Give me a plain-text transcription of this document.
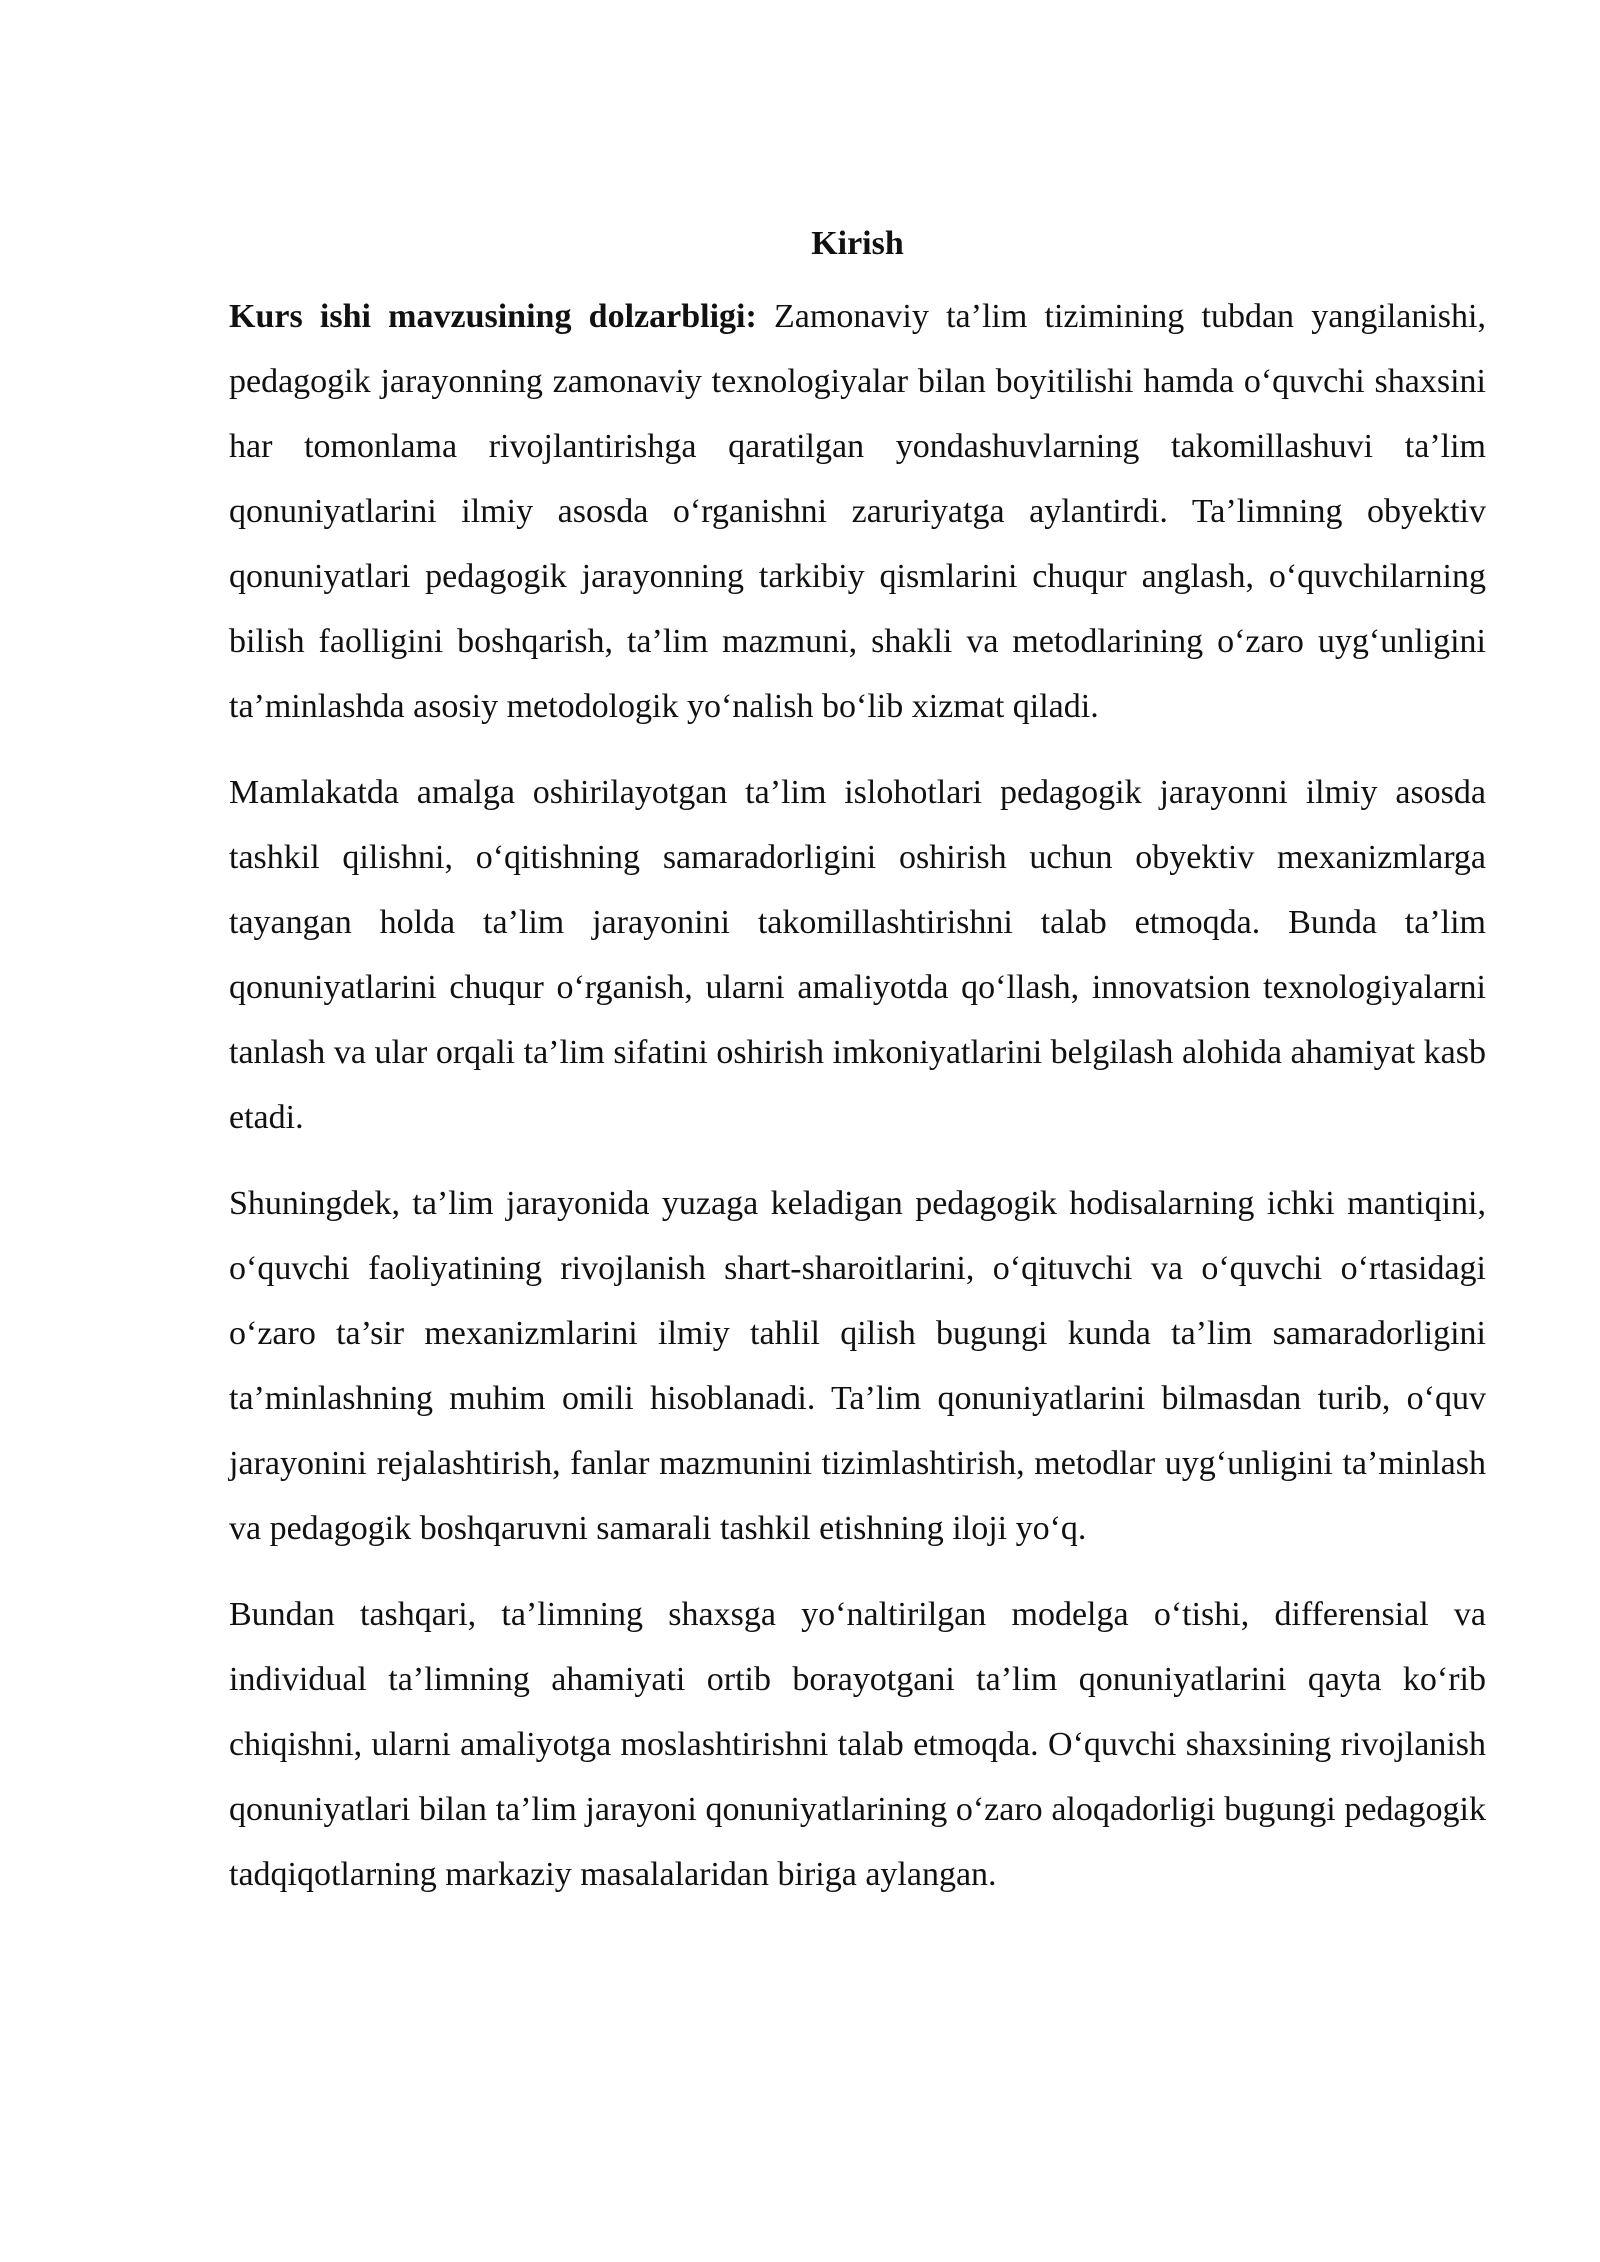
Kirish

Kurs ishi mavzusining dolzarbligi: Zamonaviy ta’lim tizimining tubdan yangilanishi, pedagogik jarayonning zamonaviy texnologiyalar bilan boyitilishi hamda o‘quvchi shaxsini har tomonlama rivojlantirishga qaratilgan yondashuvlarning takomillashuvi ta’lim qonuniyatlarini ilmiy asosda o‘rganishni zaruriyatga aylantirdi. Ta’limning obyektiv qonuniyatlari pedagogik jarayonning tarkibiy qismlarini chuqur anglash, o‘quvchilarning bilish faolligini boshqarish, ta’lim mazmuni, shakli va metodlarining o‘zaro uyg‘unligini ta’minlashda asosiy metodologik yo‘nalish bo‘lib xizmat qiladi.

Mamlakatda amalga oshirilayotgan ta’lim islohotlari pedagogik jarayonni ilmiy asosda tashkil qilishni, o‘qitishning samaradorligini oshirish uchun obyektiv mexanizmlarga tayangan holda ta’lim jarayonini takomillashtirishni talab etmoqda. Bunda ta’lim qonuniyatlarini chuqur o‘rganish, ularni amaliyotda qo‘llash, innovatsion texnologiyalarni tanlash va ular orqali ta’lim sifatini oshirish imkoniyatlarini belgilash alohida ahamiyat kasb etadi.

Shuningdek, ta’lim jarayonida yuzaga keladigan pedagogik hodisalarning ichki mantiqini, o‘quvchi faoliyatining rivojlanish shart-sharoitlarini, o‘qituvchi va o‘quvchi o‘rtasidagi o‘zaro ta’sir mexanizmlarini ilmiy tahlil qilish bugungi kunda ta’lim samaradorligini ta’minlashning muhim omili hisoblanadi. Ta’lim qonuniyatlarini bilmasdan turib, o‘quv jarayonini rejalashtirish, fanlar mazmunini tizimlashtirish, metodlar uyg‘unligini ta’minlash va pedagogik boshqaruvni samarali tashkil etishning iloji yo‘q.

Bundan tashqari, ta’limning shaxsga yo‘naltirilgan modelga o‘tishi, differensial va individual ta’limning ahamiyati ortib borayotgani ta’lim qonuniyatlarini qayta ko‘rib chiqishni, ularni amaliyotga moslashtirishni talab etmoqda. O‘quvchi shaxsining rivojlanish qonuniyatlari bilan ta’lim jarayoni qonuniyatlarining o‘zaro aloqadorligi bugungi pedagogik tadqiqotlarning markaziy masalalaridan biriga aylangan.
